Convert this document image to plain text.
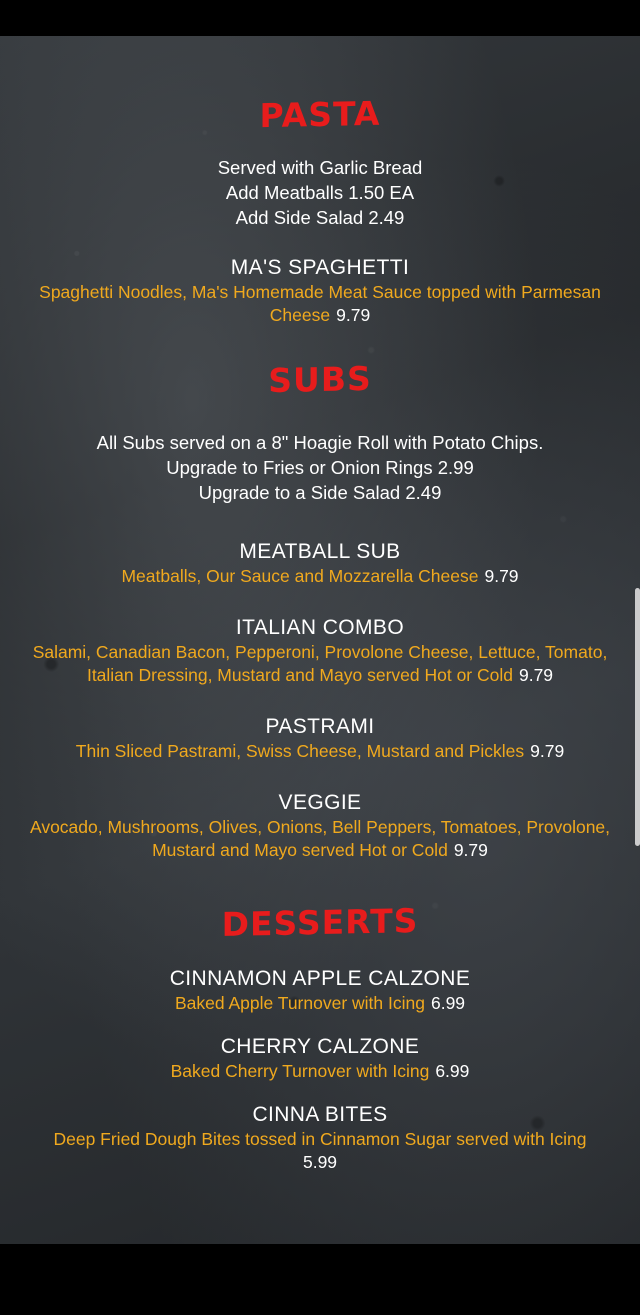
PASTA
Served with Garlic Bread
Add Meatballs 1.50 EA
Add Side Salad 2.49
MA'S SPAGHETTI
Spaghetti Noodles, Ma's Homemade Meat Sauce topped with Parmesan Cheese 9.79
SUBS
All Subs served on a 8" Hoagie Roll with Potato Chips.
Upgrade to Fries or Onion Rings 2.99
Upgrade to a Side Salad 2.49
MEATBALL SUB
Meatballs, Our Sauce and Mozzarella Cheese 9.79
ITALIAN COMBO
Salami, Canadian Bacon, Pepperoni, Provolone Cheese, Lettuce, Tomato, Italian Dressing, Mustard and Mayo served Hot or Cold 9.79
PASTRAMI
Thin Sliced Pastrami, Swiss Cheese, Mustard and Pickles 9.79
VEGGIE
Avocado, Mushrooms, Olives, Onions, Bell Peppers, Tomatoes, Provolone, Mustard and Mayo served Hot or Cold 9.79
DESSERTS
CINNAMON APPLE CALZONE
Baked Apple Turnover with Icing 6.99
CHERRY CALZONE
Baked Cherry Turnover with Icing 6.99
CINNA BITES
Deep Fried Dough Bites tossed in Cinnamon Sugar served with Icing
5.99
